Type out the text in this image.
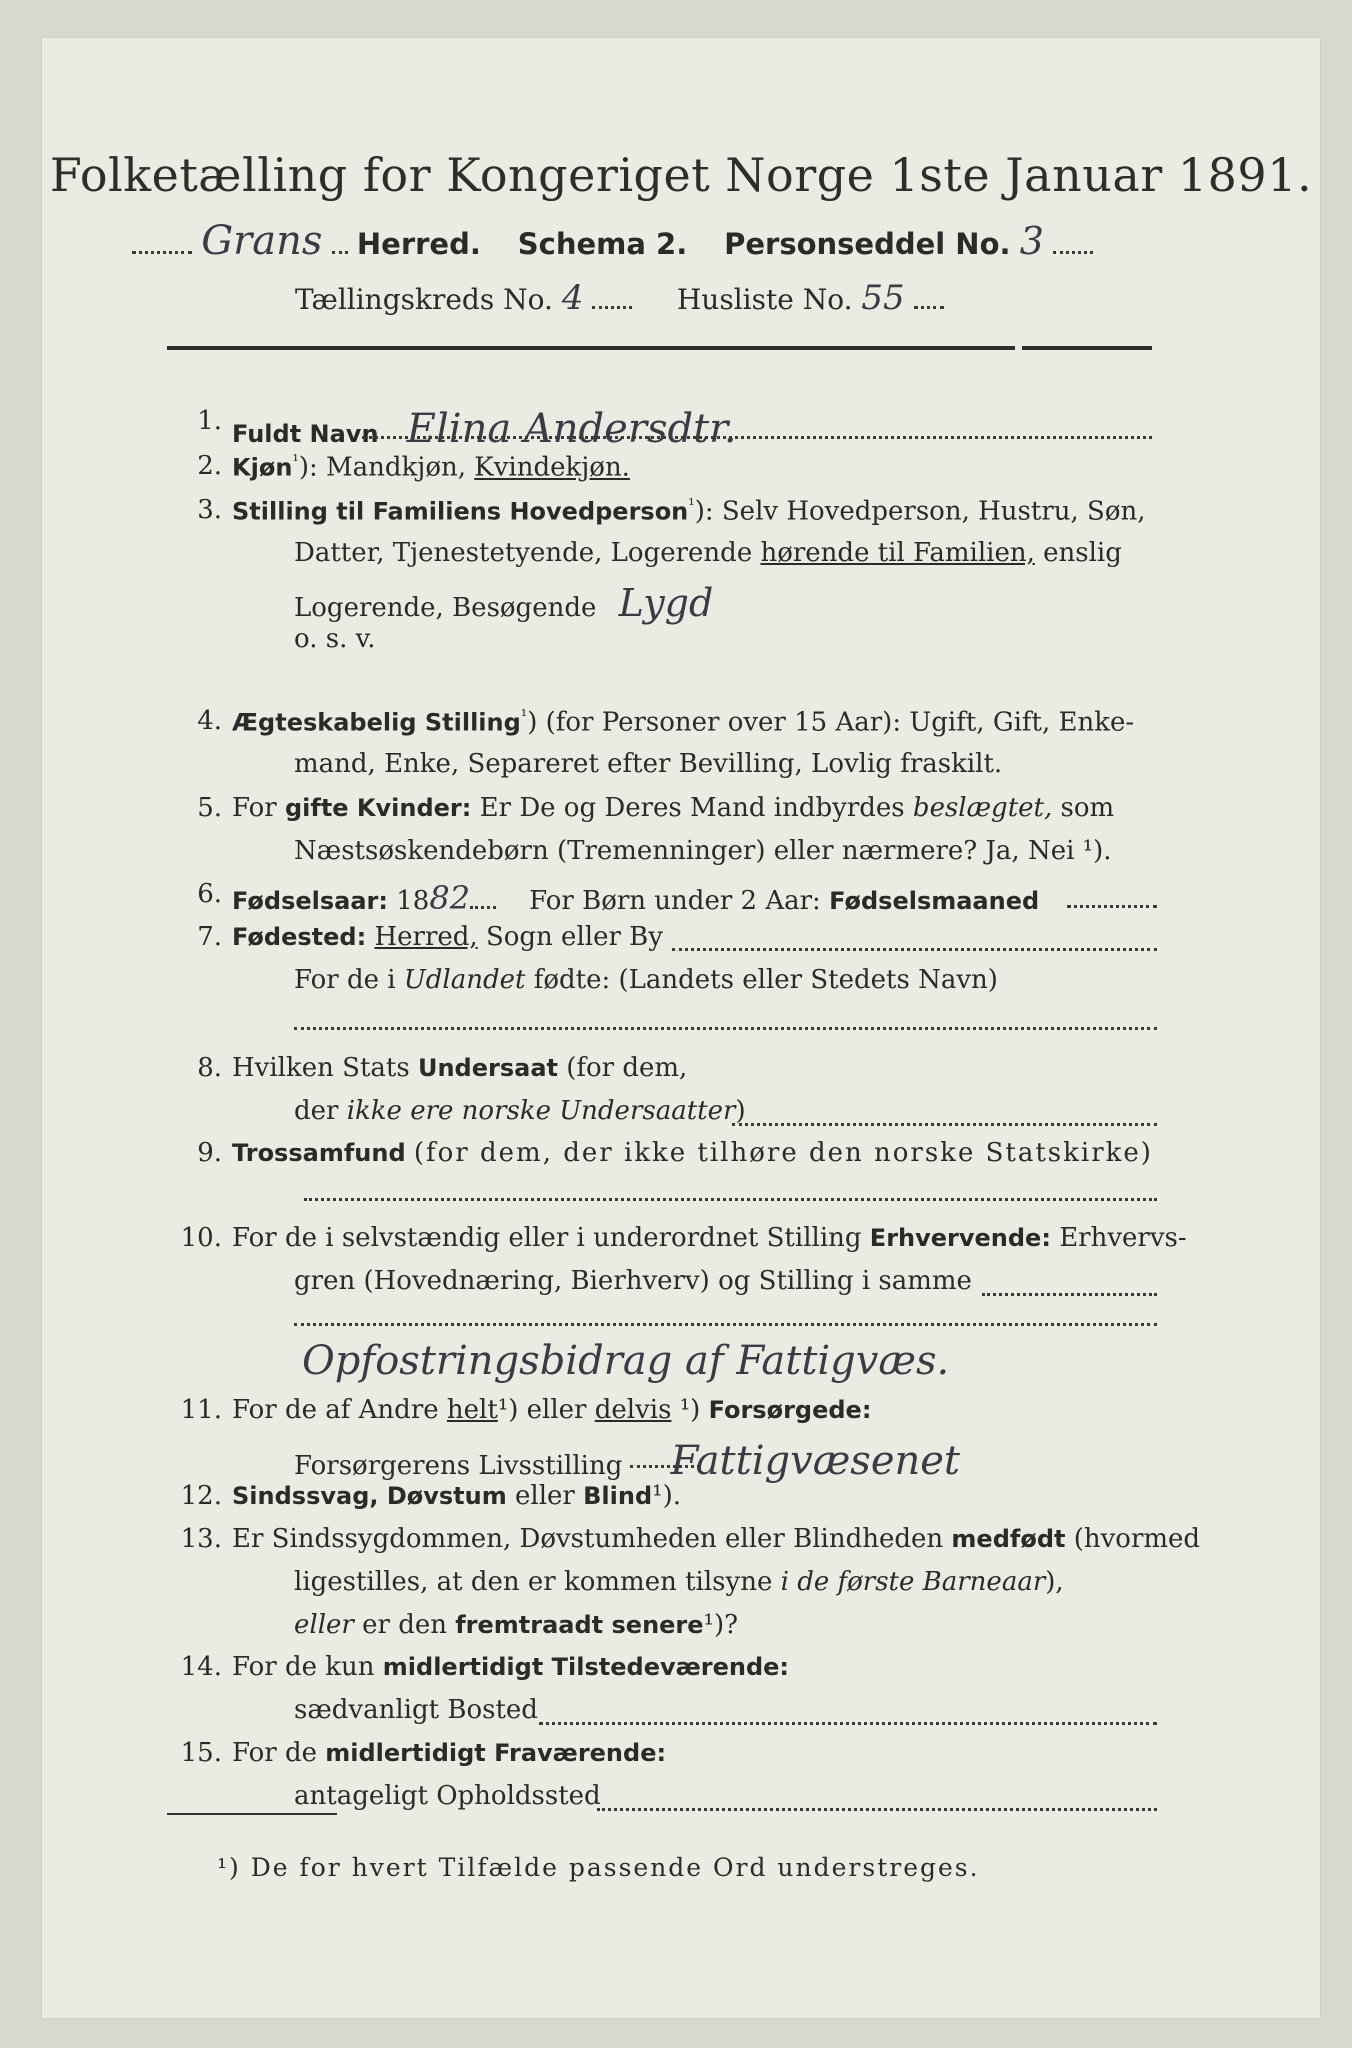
Folketælling for Kongeriget Norge 1ste Januar 1891.
Grans Herred. Schema 2. Personseddel No. 3
Tællingskreds No. 4	Husliste No. 55
1. Fuldt Navn Elina Andersdtr.
2. Kjøn$^{^1}$): Mandkjøn, Kvindekjøn.
3. Stilling til Familiens Hovedperson$^{^1}$): Selv Hovedperson, Hustru, Søn,
Datter, Tjenestetyende, Logerende hørende til Familien, enslig
Logerende, Besøgende Lygd
o. s. v.
4. Ægteskabelig Stilling$^{^1}$) (for Personer over 15 Aar): Ugift, Gift, Enke-
mand, Enke, Separeret efter Bevilling, Lovlig fraskilt.
5. For gifte Kvinder: Er De og Deres Mand indbyrdes beslægtet, som
Næstsøskendebørn (Tremenninger) eller nærmere? Ja, Nei ¹).
6. Fødselsaar: 1882 For Børn under 2 Aar: Fødselsmaaned
7. Fødested: Herred, Sogn eller By
For de i Udlandet fødte: (Landets eller Stedets Navn)
8. Hvilken Stats Undersaat (for dem,
der ikke ere norske Undersaatter)
9. Trossamfund (for dem, der ikke tilhøre den norske Statskirke)
10. For de i selvstændig eller i underordnet Stilling Erhvervende: Erhvervs-
gren (Hovednæring, Bierhverv) og Stilling i samme
Opfostringsbidrag af Fattigvæs.
11. For de af Andre helt¹) eller delvis ¹) Forsørgede:
Forsørgerens Livsstilling Fattigvæsenet
12. Sindssvag, Døvstum eller Blind¹).
13. Er Sindssygdommen, Døvstumheden eller Blindheden medfødt (hvormed
ligestilles, at den er kommen tilsyne i de første Barneaar),
eller er den fremtraadt senere¹)?
14. For de kun midlertidigt Tilstedeværende:
sædvanligt Bosted
15. For de midlertidigt Fraværende:
antageligt Opholdssted
¹) De for hvert Tilfælde passende Ord understreges.
